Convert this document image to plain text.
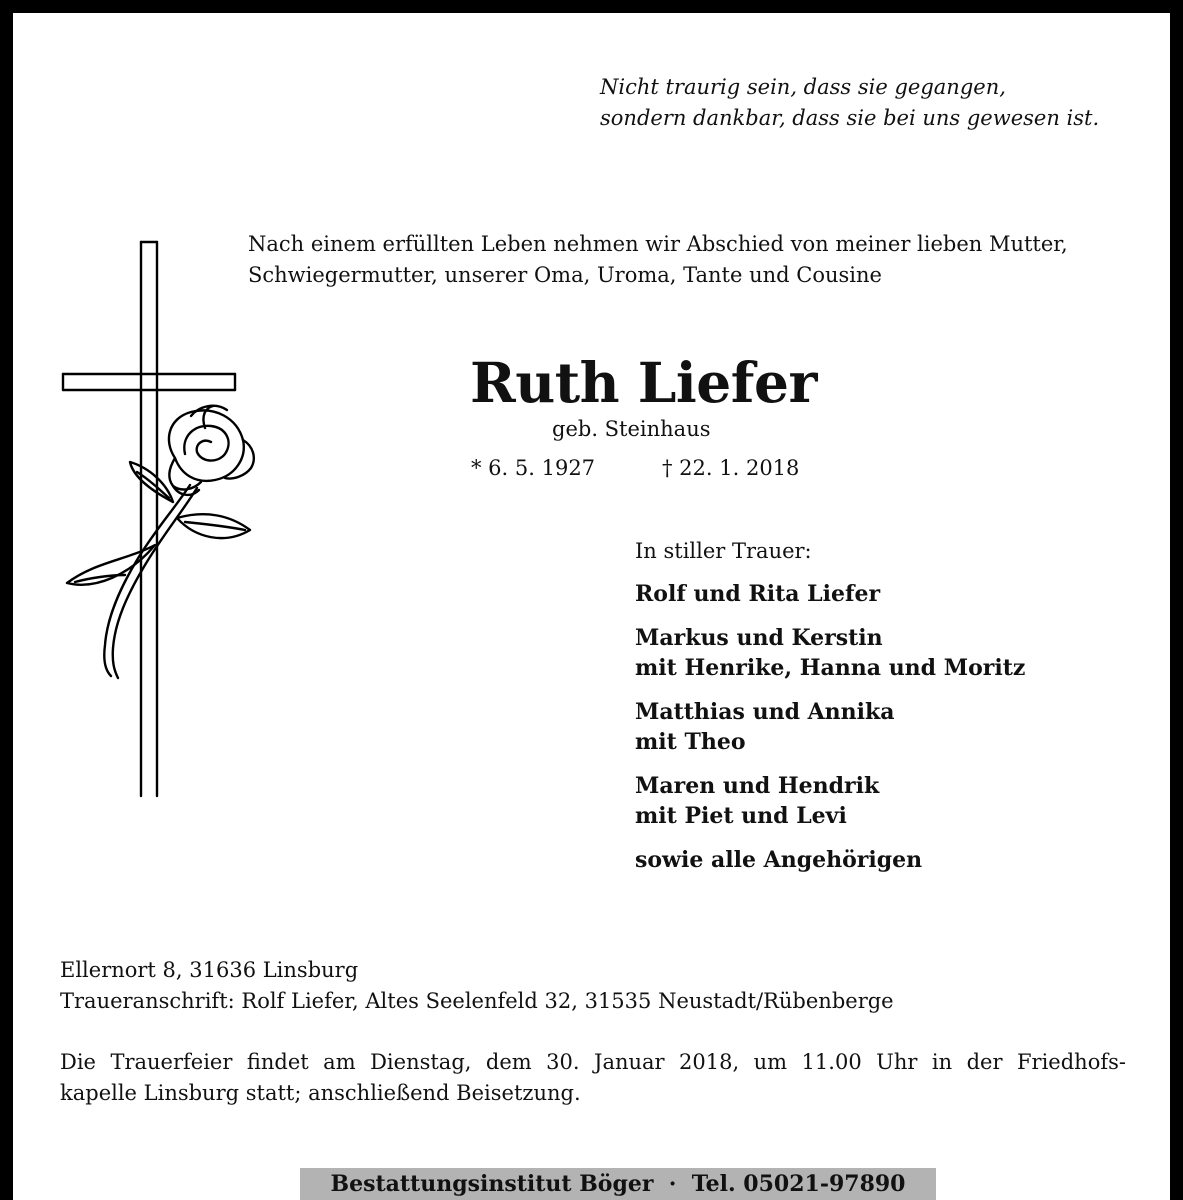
Nicht traurig sein, dass sie gegangen,
sondern dankbar, dass sie bei uns gewesen ist.
Nach einem erfüllten Leben nehmen wir Abschied von meiner lieben Mutter,
Schwiegermutter, unserer Oma, Uroma, Tante und Cousine
Ruth Liefer
geb. Steinhaus
* 6. 5. 1927	† 22. 1. 2018
In stiller Trauer:
Rolf und Rita Liefer
Markus und Kerstin
mit Henrike, Hanna und Moritz
Matthias und Annika
mit Theo
Maren und Hendrik
mit Piet und Levi
sowie alle Angehörigen
Ellernort 8, 31636 Linsburg
Traueranschrift: Rolf Liefer, Altes Seelenfeld 32, 31535 Neustadt/Rübenberge
Die Trauerfeier findet am Dienstag, dem 30. Januar 2018, um 11.00 Uhr in der Friedhofs-
kapelle Linsburg statt; anschließend Beisetzung.
Bestattungsinstitut Böger
·
Tel. 05021-97890
